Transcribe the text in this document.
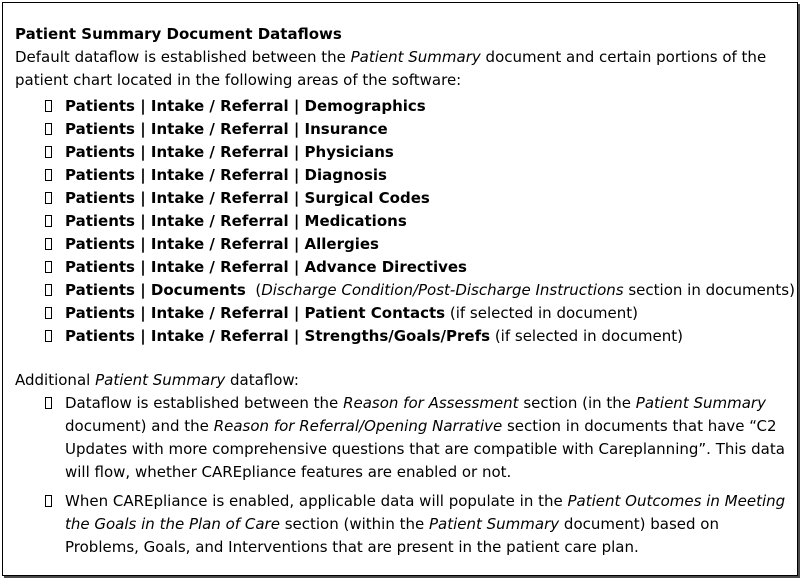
Patient Summary Document Dataflows

Default dataflow is established between the Patient Summary document and certain portions of the patient chart located in the following areas of the software:

Patients | Intake / Referral | Demographics
Patients | Intake / Referral | Insurance
Patients | Intake / Referral | Physicians
Patients | Intake / Referral | Diagnosis
Patients | Intake / Referral | Surgical Codes
Patients | Intake / Referral | Medications
Patients | Intake / Referral | Allergies
Patients | Intake / Referral | Advance Directives
Patients | Documents  (Discharge Condition/Post-Discharge Instructions section in documents)
Patients | Intake / Referral | Patient Contacts (if selected in document)
Patients | Intake / Referral | Strengths/Goals/Prefs (if selected in document)

Additional Patient Summary dataflow:

Dataflow is established between the Reason for Assessment section (in the Patient Summary document) and the Reason for Referral/Opening Narrative section in documents that have “C2 Updates with more comprehensive questions that are compatible with Careplanning”. This data will flow, whether CAREpliance features are enabled or not.
When CAREpliance is enabled, applicable data will populate in the Patient Outcomes in Meeting the Goals in the Plan of Care section (within the Patient Summary document) based on Problems, Goals, and Interventions that are present in the patient care plan.
